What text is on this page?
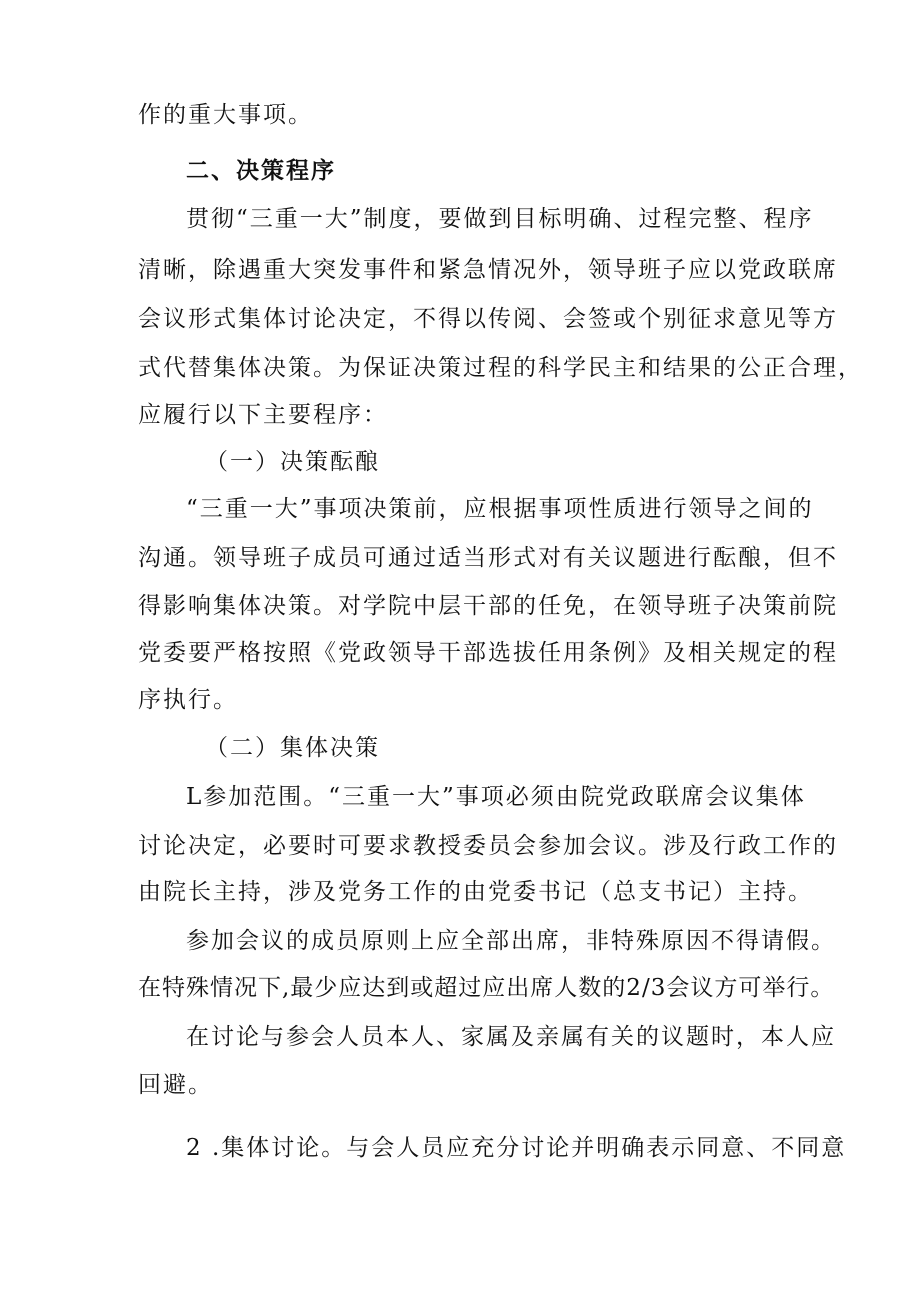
作的重大事项。
二、决策程序
贯彻“三重一大”制度，要做到目标明确、过程完整、程序
清晰，除遇重大突发事件和紧急情况外，领导班子应以党政联席
会议形式集体讨论决定，不得以传阅、会签或个别征求意见等方
式代替集体决策。为保证决策过程的科学民主和结果的公正合理，
应履行以下主要程序：
（一）决策酝酿
“三重一大”事项决策前，应根据事项性质进行领导之间的
沟通。领导班子成员可通过适当形式对有关议题进行酝酿，但不
得影响集体决策。对学院中层干部的任免，在领导班子决策前院
党委要严格按照《党政领导干部选拔任用条例》及相关规定的程
序执行。
（二）集体决策
L参加范围。“三重一大”事项必须由院党政联席会议集体
讨论决定，必要时可要求教授委员会参加会议。涉及行政工作的
由院长主持，涉及党务工作的由党委书记（总支书记）主持。
参加会议的成员原则上应全部出席，非特殊原因不得请假。
在特殊情况下,最少应达到或超过应出席人数的2/3会议方可举行。
在讨论与参会人员本人、家属及亲属有关的议题时，本人应
回避。
2 .集体讨论。与会人员应充分讨论并明确表示同意、不同意
